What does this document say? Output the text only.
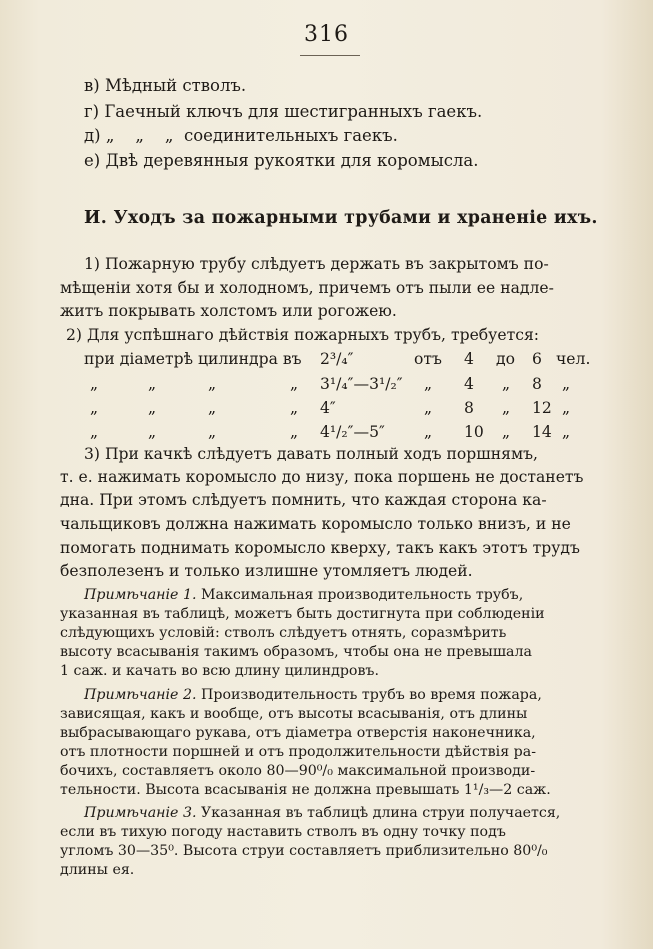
316
в) Мѣдный стволъ.
г) Гаечный ключъ для шестигранныхъ гаекъ.
д) „    „    „  соединительныхъ гаекъ.
е) Двѣ деревянныя рукоятки для коромысла.
И. Уходъ за пожарными трубами и храненіе ихъ.
1) Пожарную трубу слѣдуетъ держать въ закрытомъ по-
мѣщеніи хотя бы и холодномъ, причемъ отъ пыли ее надле-
житъ покрывать холстомъ или рогожею.
2) Для успѣшнаго дѣйствія пожарныхъ трубъ, требуется:
при діаметрѣ цилиндра въ 2³/₄″	отъ 4 до 6 чел.
„	„	„	„ 3¹/₄″—3¹/₂″ „ 4 „ 8 „
„	„	„	„ 4″	„ 8 „ 12 „
„	„	„	„ 4¹/₂″—5″	„ 10 „ 14 „
3) При качкѣ слѣдуетъ давать полный ходъ поршнямъ,
т. е. нажимать коромысло до низу, пока поршень не достанетъ
дна. При этомъ слѣдуетъ помнить, что каждая сторона ка-
чальщиковъ должна нажимать коромысло только внизъ, и не
помогать поднимать коромысло кверху, такъ какъ этотъ трудъ
безполезенъ и только излишне утомляетъ людей.
Примѣчаніе 1. Максимальная производительность трубъ,
указанная въ таблицѣ, можетъ быть достигнута при соблюденіи
слѣдующихъ условій: стволъ слѣдуетъ отнять, соразмѣрить
высоту всасыванія такимъ образомъ, чтобы она не превышала
1 саж. и качать во всю длину цилиндровъ.
Примѣчаніе 2. Производительность трубъ во время пожара,
зависящая, какъ и вообще, отъ высоты всасыванія, отъ длины
выбрасывающаго рукава, отъ діаметра отверстія наконечника,
отъ плотности поршней и отъ продолжительности дѣйствія ра-
бочихъ, составляетъ около 80—90⁰/₀ максимальной производи-
тельности. Высота всасыванія не должна превышать 1¹/₃—2 саж.
Примѣчаніе 3. Указанная въ таблицѣ длина струи получается,
если въ тихую погоду наставить стволъ въ одну точку подъ
угломъ 30—35⁰. Высота струи составляетъ приблизительно 80⁰/₀
длины ея.
